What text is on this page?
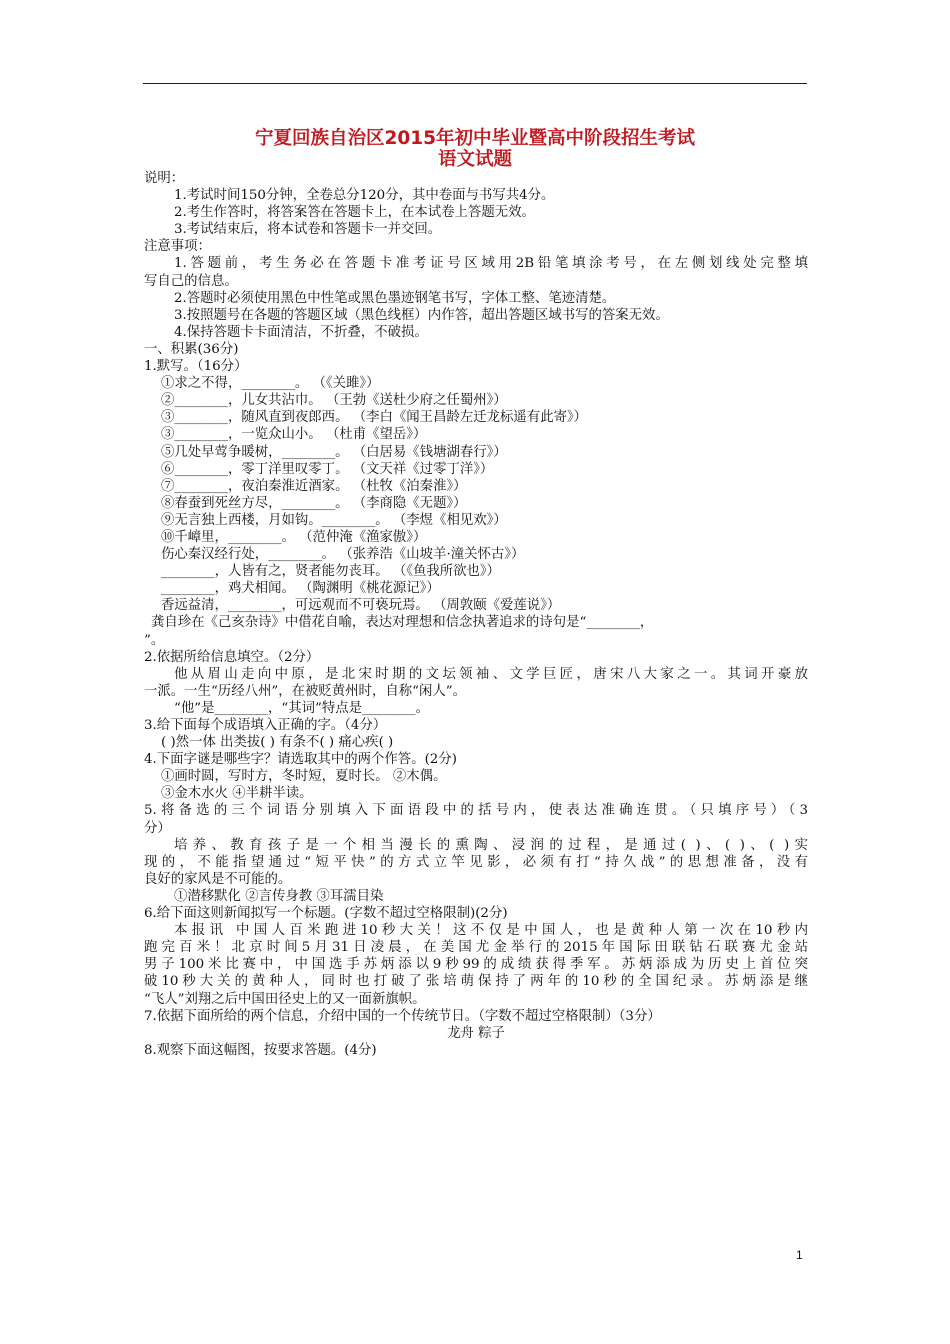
宁夏回族自治区2015年初中毕业暨高中阶段招生考试
语文试题
说明：
1.考试时间150分钟，全卷总分120分，其中卷面与书写共4分。
2.考生作答时，将答案答在答题卡上，在本试卷上答题无效。
3.考试结束后，将本试卷和答题卡一并交回。
注意事项：
1.答题前，考生务必在答题卡准考证号区域用2B铅笔填涂考号，在左侧划线处完整填
写自己的信息。
2.答题时必须使用黑色中性笔或黑色墨迹钢笔书写，字体工整、笔迹清楚。
3.按照题号在各题的答题区域（黑色线框）内作答，超出答题区域书写的答案无效。
4.保持答题卡卡面清洁，不折叠，不破损。
一、积累(36分)
1.默写。（16分）
①求之不得，________。 （《关雎》）
②________，儿女共沾巾。 （王勃《送杜少府之任蜀州》）
③________，随风直到夜郎西。 （李白《闻王昌龄左迁龙标遥有此寄》）
③________，一览众山小。 （杜甫《望岳》）
⑤几处早莺争暖树，________。 （白居易《钱塘湖春行》）
⑥________，零丁洋里叹零丁。 （文天祥《过零丁洋》）
⑦________，夜泊秦淮近酒家。 （杜牧《泊秦淮》）
⑧春蚕到死丝方尽，________。 （李商隐《无题》）
⑨无言独上西楼，月如钩。________。 （李煜《相见欢》）
⑩千嶂里，________。 （范仲淹《渔家傲》）
伤心秦汉经行处，________。 （张养浩《山坡羊·潼关怀古》）
________，人皆有之，贤者能勿丧耳。 （《鱼我所欲也》）
________，鸡犬相闻。 （陶渊明《桃花源记》）
香远益清，________，可远观而不可亵玩焉。 （周敦颐《爱莲说》）
龚自珍在《己亥杂诗》中借花自喻，表达对理想和信念执著追求的诗句是“________，
”。
2.依据所给信息填空。（2分）
他从眉山走向中原，是北宋时期的文坛领袖、文学巨匠，唐宋八大家之一。其词开豪放
一派。一生“历经八州”，在被贬黄州时，自称“闲人”。
“他”是________，“其词”特点是________。
3.给下面每个成语填入正确的字。（4分）
( )然一体 出类拔( ) 有条不( ) 痛心疾( )
4.下面字谜是哪些字？请选取其中的两个作答。(2分)
①画时圆，写时方，冬时短，夏时长。 ②木偶。
③金木水火 ④半耕半读。
5.将备选的三个词语分别填入下面语段中的括号内，使表达准确连贯。（只填序号）（3
分）
培养、教育孩子是一个相当漫长的熏陶、浸润的过程，是通过( )、( )、( )实
现的，不能指望通过“短平快”的方式立竿见影，必须有打“持久战”的思想准备，没有
良好的家风是不可能的。
①潜移默化 ②言传身教 ③耳濡目染
6.给下面这则新闻拟写一个标题。(字数不超过空格限制)(2分)
本报讯 中国人百米跑进10秒大关！这不仅是中国人，也是黄种人第一次在10秒内
跑完百米！北京时间5月31日凌晨，在美国尤金举行的2015年国际田联钻石联赛尤金站
男子100米比赛中，中国选手苏炳添以9秒99的成绩获得季军。苏炳添成为历史上首位突
破10秒大关的黄种人，同时也打破了张培萌保持了两年的10秒的全国纪录。苏炳添是继
“飞人”刘翔之后中国田径史上的又一面新旗帜。
7.依据下面所给的两个信息，介绍中国的一个传统节日。（字数不超过空格限制）（3分）
龙舟 粽子
8.观察下面这幅图，按要求答题。(4分)
1
